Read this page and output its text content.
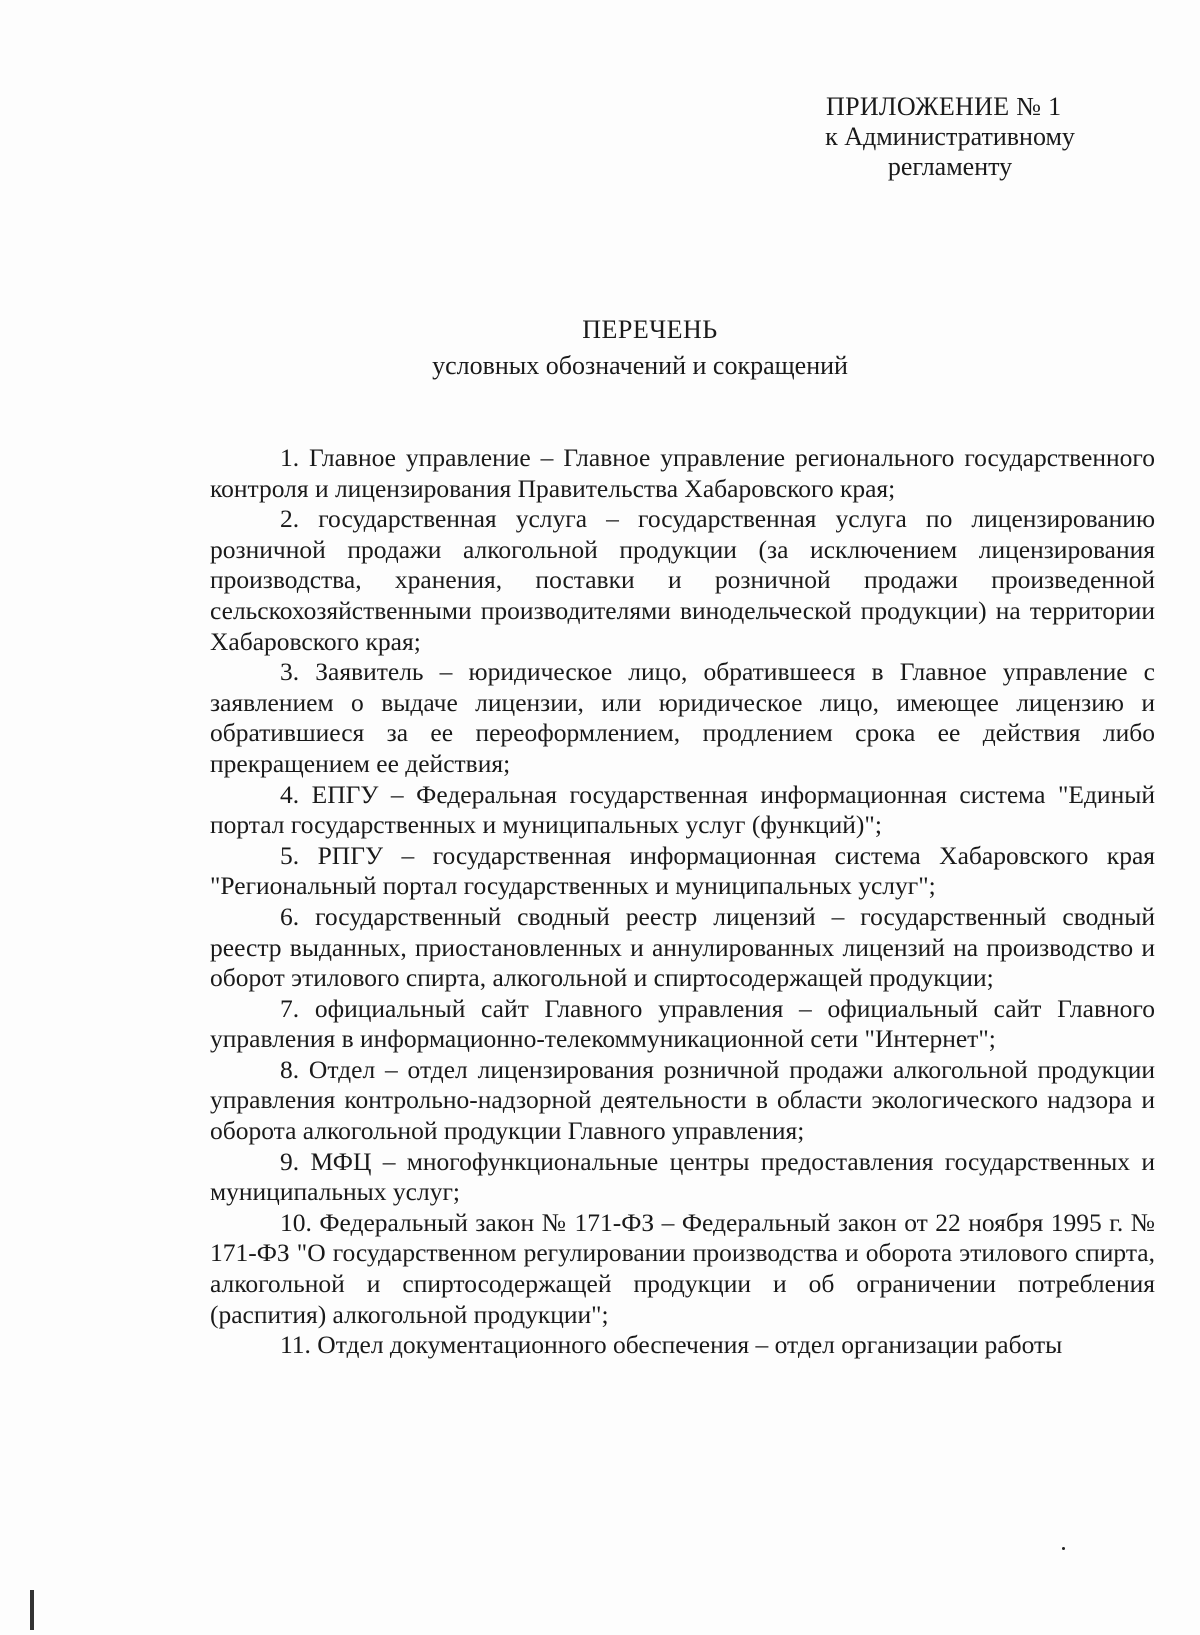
ПРИЛОЖЕНИЕ № 1
к Административному
регламенту
ПЕРЕЧЕНЬ
условных обозначений и сокращений

1. Главное управление – Главное управление регионального государственного контроля и лицензирования Правительства Хабаровского края;

2. государственная услуга – государственная услуга по лицензированию розничной продажи алкогольной продукции (за исключением лицензирования производства, хранения, поставки и розничной продажи произведенной сельскохозяйственными производителями винодельческой продукции) на территории Хабаровского края;

3. Заявитель – юридическое лицо, обратившееся в Главное управление с заявлением о выдаче лицензии, или юридическое лицо, имеющее лицензию и обратившиеся за ее переоформлением, продлением срока ее действия либо прекращением ее действия;

4. ЕПГУ – Федеральная государственная информационная система "Единый портал государственных и муниципальных услуг (функций)";

5. РПГУ – государственная информационная система Хабаровского края "Региональный портал государственных и муниципальных услуг";

6. государственный сводный реестр лицензий – государственный сводный реестр выданных, приостановленных и аннулированных лицензий на производство и оборот этилового спирта, алкогольной и спиртосодержащей продукции;

7. официальный сайт Главного управления – официальный сайт Главного управления в информационно-телекоммуникационной сети "Интернет";

8. Отдел – отдел лицензирования розничной продажи алкогольной продукции управления контрольно-надзорной деятельности в области экологического надзора и оборота алкогольной продукции Главного управления;

9. МФЦ – многофункциональные центры предоставления государственных и муниципальных услуг;

10. Федеральный закон № 171-ФЗ – Федеральный закон от 22 ноября 1995 г. № 171-ФЗ "О государственном регулировании производства и оборота этилового спирта, алкогольной и спиртосодержащей продукции и об ограничении потребления (распития) алкогольной продукции";

11. Отдел документационного обеспечения – отдел организации работы
